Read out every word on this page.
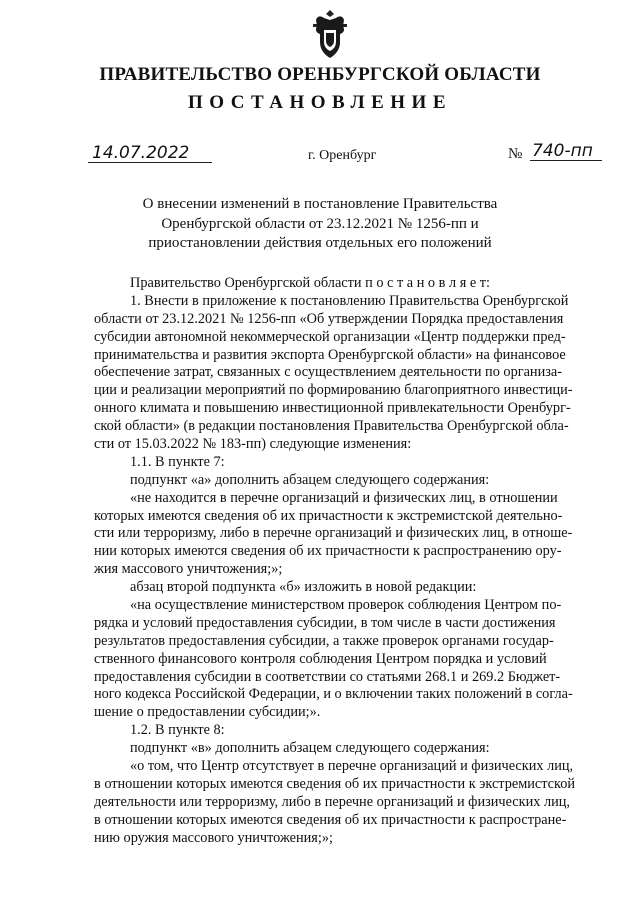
ПРАВИТЕЛЬСТВО ОРЕНБУРГСКОЙ ОБЛАСТИ
ПОСТАНОВЛЕНИЕ
14.07.2022	г. Оренбург	№ 740-пп
О внесении изменений в постановление Правительства
Оренбургской области от 23.12.2021 № 1256-пп и
приостановлении действия отдельных его положений
Правительство Оренбургской области п о с т а н о в л я е т:
1. Внести в приложение к постановлению Правительства Оренбургской
области от 23.12.2021 № 1256-пп «Об утверждении Порядка предоставления
субсидии автономной некоммерческой организации «Центр поддержки пред-
принимательства и развития экспорта Оренбургской области» на финансовое
обеспечение затрат, связанных с осуществлением деятельности по организа-
ции и реализации мероприятий по формированию благоприятного инвестици-
онного климата и повышению инвестиционной привлекательности Оренбург-
ской области» (в редакции постановления Правительства Оренбургской обла-
сти от 15.03.2022 № 183-пп) следующие изменения:
1.1. В пункте 7:
подпункт «а» дополнить абзацем следующего содержания:
«не находится в перечне организаций и физических лиц, в отношении
которых имеются сведения об их причастности к экстремистской деятельно-
сти или терроризму, либо в перечне организаций и физических лиц, в отноше-
нии которых имеются сведения об их причастности к распространению ору-
жия массового уничтожения;»;
абзац второй подпункта «б» изложить в новой редакции:
«на осуществление министерством проверок соблюдения Центром по-
рядка и условий предоставления субсидии, в том числе в части достижения
результатов предоставления субсидии, а также проверок органами государ-
ственного финансового контроля соблюдения Центром порядка и условий
предоставления субсидии в соответствии со статьями 268.1 и 269.2 Бюджет-
ного кодекса Российской Федерации, и о включении таких положений в согла-
шение о предоставлении субсидии;».
1.2. В пункте 8:
подпункт «в» дополнить абзацем следующего содержания:
«о том, что Центр отсутствует в перечне организаций и физических лиц,
в отношении которых имеются сведения об их причастности к экстремистской
деятельности или терроризму, либо в перечне организаций и физических лиц,
в отношении которых имеются сведения об их причастности к распростране-
нию оружия массового уничтожения;»;
